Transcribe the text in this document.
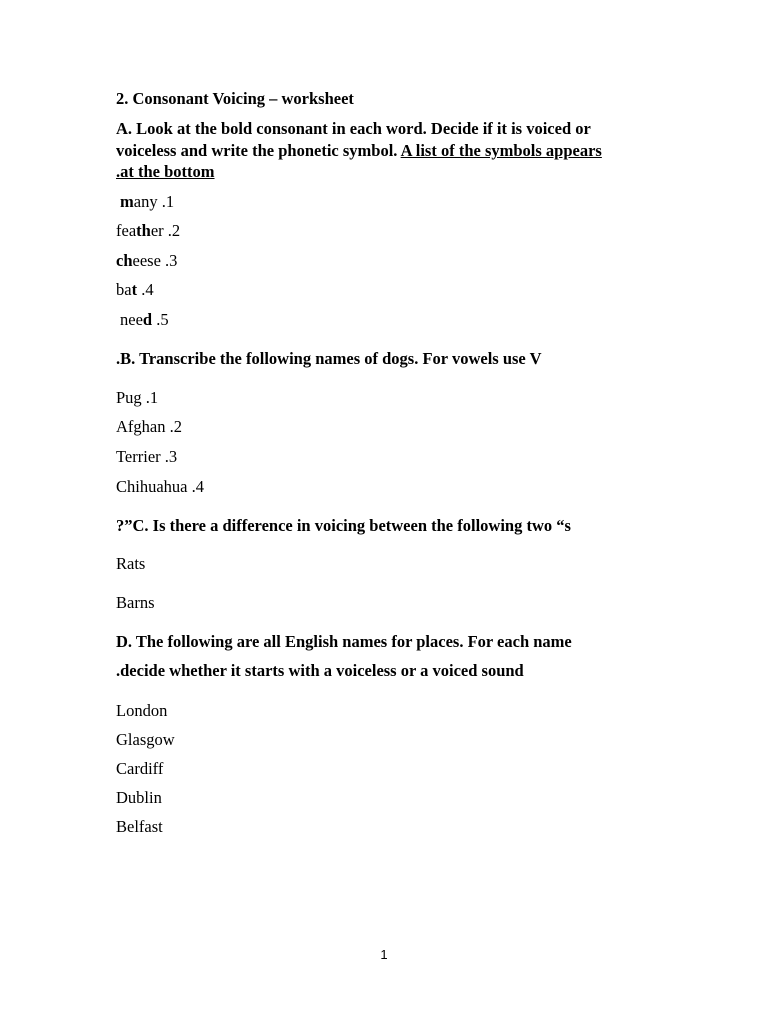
2. Consonant Voicing – worksheet
A. Look at the bold consonant in each word. Decide if it is voiced or
voiceless and write the phonetic symbol. A list of the symbols appears
.at the bottom
many .1
feather .2
cheese .3
bat .4
need .5
.B. Transcribe the following names of dogs. For vowels use V
Pug .1
Afghan .2
Terrier .3
Chihuahua .4
?”C. Is there a difference in voicing between the following two “s
Rats
Barns
D. The following are all English names for places. For each name
.decide whether it starts with a voiceless or a voiced sound
London
Glasgow
Cardiff
Dublin
Belfast
1
